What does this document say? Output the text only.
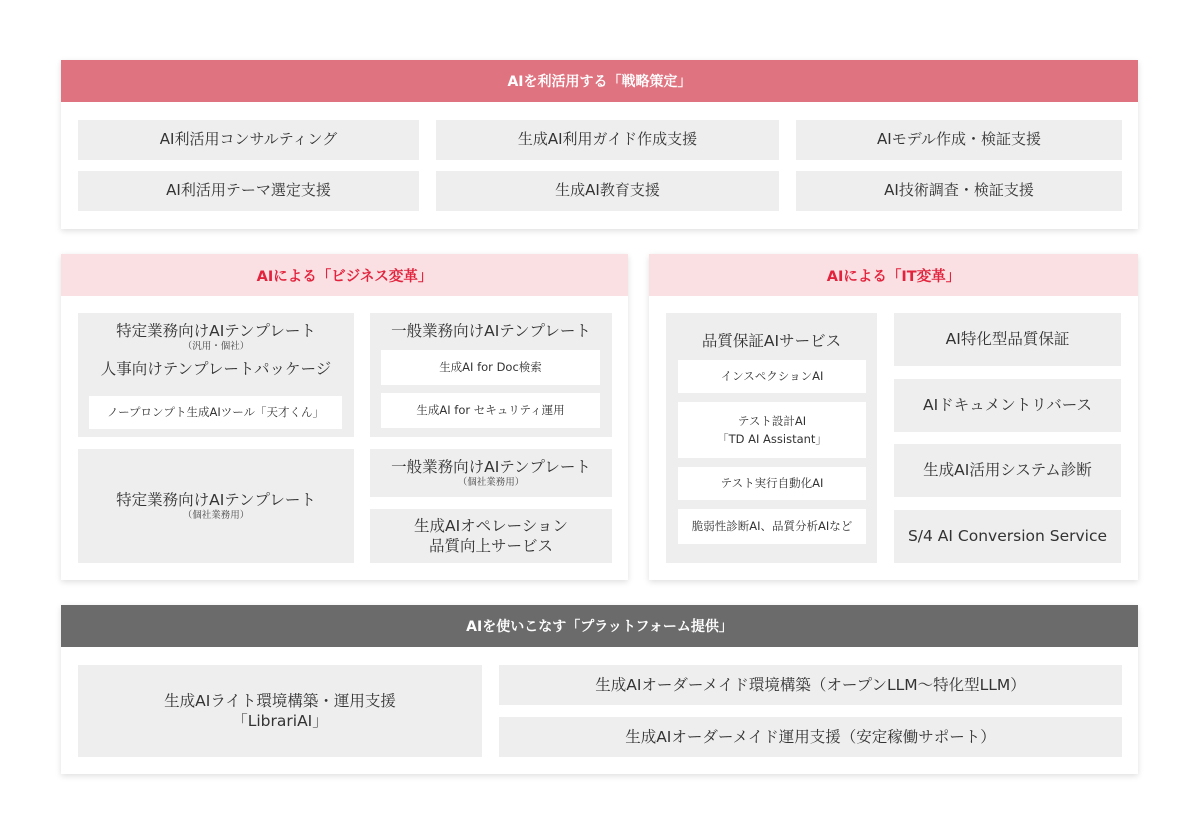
AIを利活用する「戦略策定」
AI利活用コンサルティング	生成AI利用ガイド作成支援	AIモデル作成・検証支援
AI利活用テーマ選定支援	生成AI教育支援	AI技術調査・検証支援
AIによる「ビジネス変革」
特定業務向けAIテンプレート
（汎用・個社）
人事向けテンプレートパッケージ
ノープロンプト生成AIツール「天才くん」
一般業務向けAIテンプレート
生成AI for Doc検索
生成AI for セキュリティ運用
特定業務向けAIテンプレート
（個社業務用）
一般業務向けAIテンプレート
（個社業務用）
生成AIオペレーション
品質向上サービス
AIによる「IT変革」
品質保証AIサービス
インスペクションAI
テスト設計AI
「TD AI Assistant」
テスト実行自動化AI
脆弱性診断AI、品質分析AIなど
AI特化型品質保証
AIドキュメントリバース
生成AI活用システム診断
S/4 AI Conversion Service
AIを使いこなす「プラットフォーム提供」
生成AIライト環境構築・運用支援
「LibrariAI」
生成AIオーダーメイド環境構築（オープンLLM〜特化型LLM）
生成AIオーダーメイド運用支援（安定稼働サポート）
